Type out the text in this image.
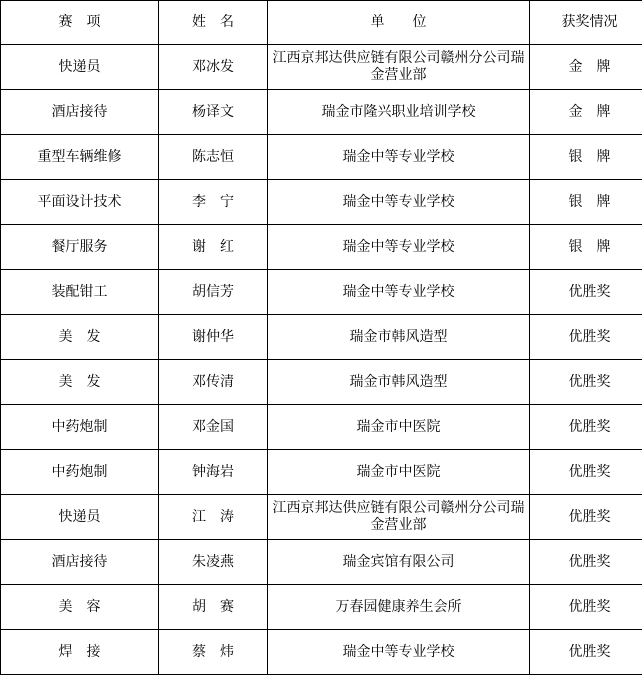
赛　项	姓　名	单　　位	获奖情况
快递员	邓冰发	江西京邦达供应链有限公司赣州分公司瑞金营业部	金　牌
酒店接待	杨译文	瑞金市隆兴职业培训学校	金　牌
重型车辆维修	陈志恒	瑞金中等专业学校	银　牌
平面设计技术	李　宁	瑞金中等专业学校	银　牌
餐厅服务	谢　红	瑞金中等专业学校	银　牌
装配钳工	胡信芳	瑞金中等专业学校	优胜奖
美　发	谢仲华	瑞金市韩风造型	优胜奖
美　发	邓传清	瑞金市韩风造型	优胜奖
中药炮制	邓金国	瑞金市中医院	优胜奖
中药炮制	钟海岩	瑞金市中医院	优胜奖
快递员	江　涛	江西京邦达供应链有限公司赣州分公司瑞金营业部	优胜奖
酒店接待	朱凌燕	瑞金宾馆有限公司	优胜奖
美　容	胡　赛	万春园健康养生会所	优胜奖
焊　接	蔡　炜	瑞金中等专业学校	优胜奖
